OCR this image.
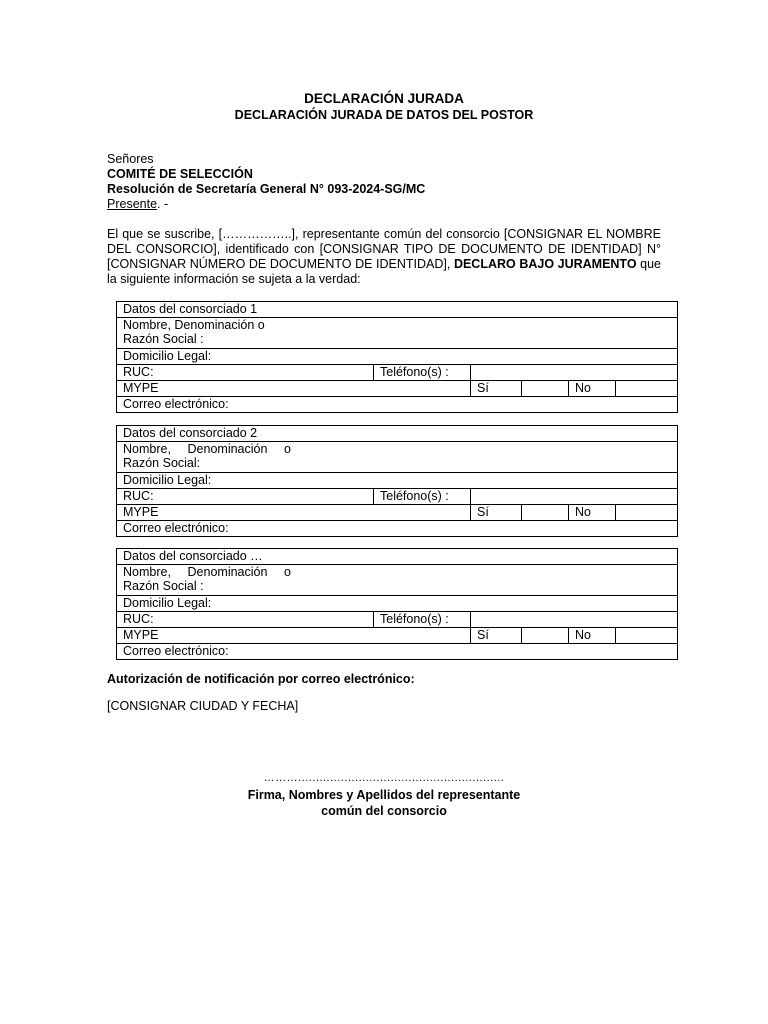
DECLARACIÓN JURADA
DECLARACIÓN JURADA DE DATOS DEL POSTOR
Señores
COMITÉ DE SELECCIÓN
Resolución de Secretaría General N° 093-2024-SG/MC
Presente. -
El que se suscribe, [……………..], representante común del consorcio [CONSIGNAR EL NOMBRE DEL CONSORCIO], identificado con [CONSIGNAR TIPO DE DOCUMENTO DE IDENTIDAD] N° [CONSIGNAR NÚMERO DE DOCUMENTO DE IDENTIDAD], DECLARO BAJO JURAMENTO que la siguiente información se sujeta a la verdad:
Datos del consorciado 1					
Nombre, Denominación o
Razón Social :					
Domicilio Legal:					
RUC:	Teléfono(s) :				
MYPE		Sí		No	
Correo electrónico:					
Datos del consorciado 2					
Nombre, Denominación o
Razón Social:					
Domicilio Legal:					
RUC:	Teléfono(s) :				
MYPE		Sí		No	
Correo electrónico:					
Datos del consorciado …					
Nombre, Denominación o
Razón Social :					
Domicilio Legal:					
RUC:	Teléfono(s) :				
MYPE		Sí		No	
Correo electrónico:					
Autorización de notificación por correo electrónico:
[CONSIGNAR CIUDAD Y FECHA]
………..........................................................
Firma, Nombres y Apellidos del representante
común del consorcio
